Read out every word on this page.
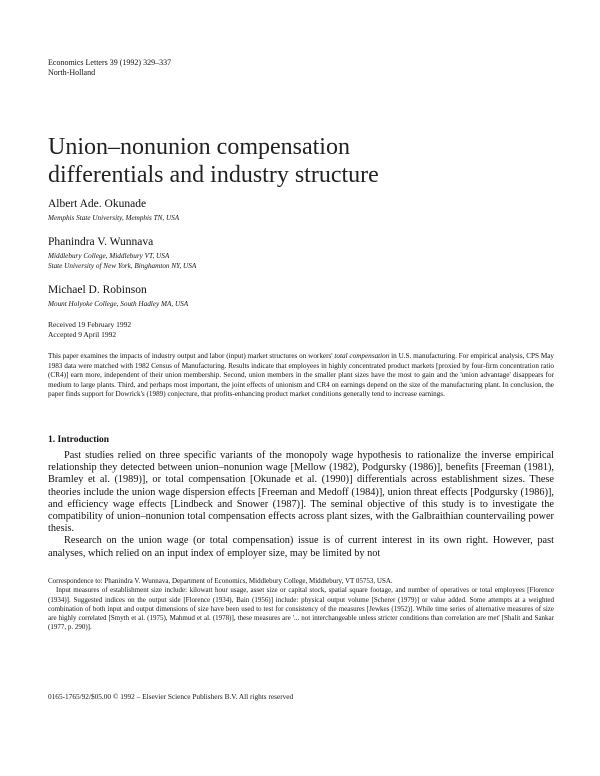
Economics Letters 39 (1992) 329–337
North-Holland
Union–nonunion compensation
differentials and industry structure
Albert Ade. Okunade
Memphis State University, Memphis TN, USA
Phanindra V. Wunnava
Middlebury College, Middlebury VT, USA
State University of New York, Binghamton NY, USA
Michael D. Robinson
Mount Holyoke College, South Hadley MA, USA
Received 19 February 1992
Accepted 9 April 1992
This paper examines the impacts of industry output and labor (input) market structures on workers' total compensation in U.S. manufacturing. For empirical analysis, CPS May 1983 data were matched with 1982 Census of Manufacturing. Results indicate that employees in highly concentrated product markets [proxied by four-firm concentration ratio (CR4)] earn more, independent of their union membership. Second, union members in the smaller plant sizes have the most to gain and the 'union advantage' disappears for medium to large plants. Third, and perhaps most important, the joint effects of unionism and CR4 on earnings depend on the size of the manufacturing plant. In conclusion, the paper finds support for Dowrick's (1989) conjecture, that profits-enhancing product market conditions generally tend to increase earnings.
1. Introduction

Past studies relied on three specific variants of the monopoly wage hypothesis to rationalize the inverse empirical relationship they detected between union–nonunion wage [Mellow (1982), Podgursky (1986)], benefits [Freeman (1981), Bramley et al. (1989)], or total compensation [Okunade et al. (1990)] differentials across establishment sizes. These theories include the union wage dispersion effects [Freeman and Medoff (1984)], union threat effects [Podgursky (1986)], and efficiency wage effects [Lindbeck and Snower (1987)]. The seminal objective of this study is to investigate the compatibility of union–nonunion total compensation effects across plant sizes, with the Galbraithian countervailing power thesis.

Research on the union wage (or total compensation) issue is of current interest in its own right. However, past analyses, which relied on an input index of employer size, may be limited by not

Correspondence to: Phanindra V. Wunnava, Department of Economics, Middlebury College, Middlebury, VT 05753, USA.

Input measures of establishment size include: kilowatt hour usage, asset size or capital stock, spatial square footage, and number of operatives or total employees [Florence (1934)]. Suggested indices on the output side [Florence (1934), Bain (1956)] include: physical output volume [Scherer (1979)] or value added. Some attempts at a weighted combination of both input and output dimensions of size have been used to test for consistency of the measures [Jewkes (1952)]. While time series of alternative measures of size are highly correlated [Smyth et al. (1975), Mahmud et al. (1978)], these measures are '... not interchangeable unless stricter conditions than correlation are met' [Shalit and Sankar (1977, p. 290)].

0165-1765/92/$05.00 © 1992 – Elsevier Science Publishers B.V. All rights reserved
